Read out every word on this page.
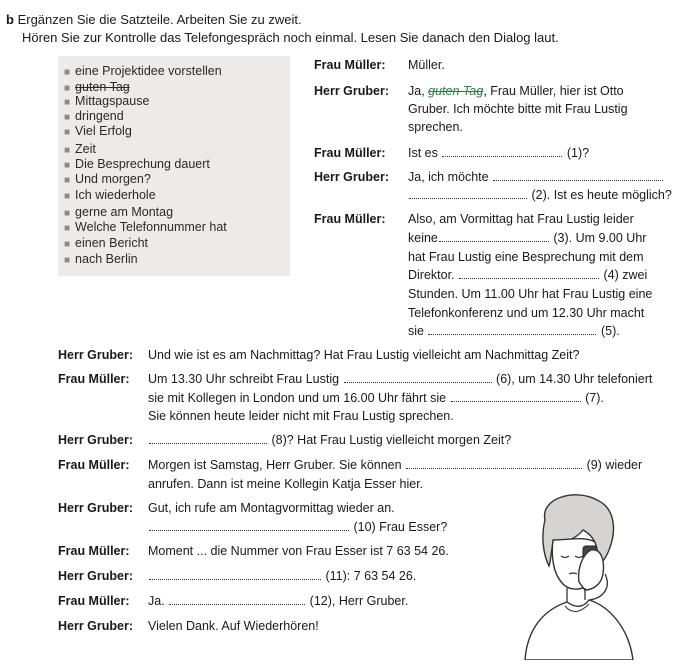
b Ergänzen Sie die Satzteile. Arbeiten Sie zu zweit.
Hören Sie zur Kontrolle das Telefongespräch noch einmal. Lesen Sie danach den Dialog laut.
■ eine Projektidee vorstellen
■ guten Tag
■ Mittagspause
■ dringend
■ Viel Erfolg
■ Zeit
■ Die Besprechung dauert
■ Und morgen?
■ Ich wiederhole
■ gerne am Montag
■ Welche Telefonnummer hat
■ einen Bericht
■ nach Berlin
Frau Müller: Müller.
Herr Gruber: Ja, guten Tag, Frau Müller, hier ist Otto
Gruber. Ich möchte bitte mit Frau Lustig
sprechen.
Frau Müller: Ist es	(1)?
Herr Gruber: Ja, ich möchte
(2). Ist es heute möglich?
Frau Müller: Also, am Vormittag hat Frau Lustig leider
keine	(3). Um 9.00 Uhr
hat Frau Lustig eine Besprechung mit dem
Direktor.	(4) zwei
Stunden. Um 11.00 Uhr hat Frau Lustig eine
Telefonkonferenz und um 12.30 Uhr macht
sie	(5).
Herr Gruber: Und wie ist es am Nachmittag? Hat Frau Lustig vielleicht am Nachmittag Zeit?
Frau Müller: Um 13.30 Uhr schreibt Frau Lustig	(6), um 14.30 Uhr telefoniert
sie mit Kollegen in London und um 16.00 Uhr fährt sie	(7).
Sie können heute leider nicht mit Frau Lustig sprechen.
Herr Gruber:	(8)? Hat Frau Lustig vielleicht morgen Zeit?
Frau Müller: Morgen ist Samstag, Herr Gruber. Sie können	(9) wieder
anrufen. Dann ist meine Kollegin Katja Esser hier.
Herr Gruber: Gut, ich rufe am Montagvormittag wieder an.
(10) Frau Esser?
Frau Müller: Moment ... die Nummer von Frau Esser ist 7 63 54 26.
Herr Gruber:	(11): 7 63 54 26.
Frau Müller: Ja.	(12), Herr Gruber.
Herr Gruber: Vielen Dank. Auf Wiederhören!
